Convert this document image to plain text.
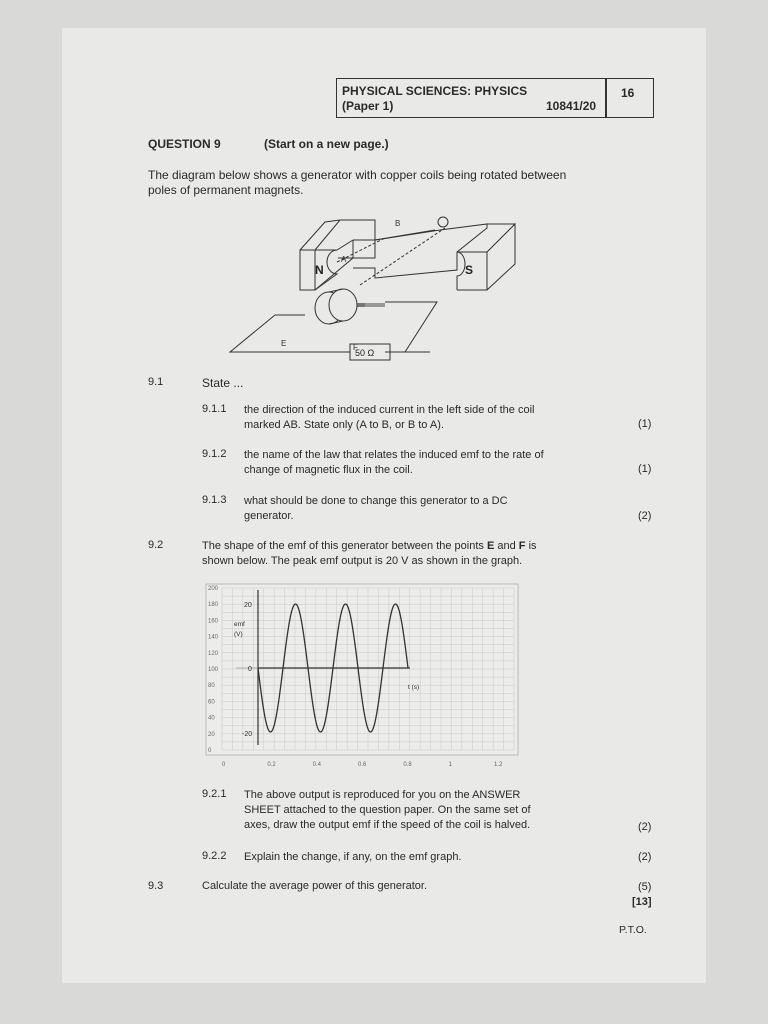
PHYSICAL SCIENCES: PHYSICS
(Paper 1)	10841/20
16
QUESTION 9	(Start on a new page.)
The diagram below shows a generator with copper coils being rotated between
poles of permanent magnets.
N	S
A
B
E	F
50 Ω
9.1	State ...
9.1.1 the direction of the induced current in the left side of the coil
marked AB. State only (A to B, or B to A).	(1)
9.1.2 the name of the law that relates the induced emf to the rate of
change of magnetic flux in the coil.	(1)
9.1.3 what should be done to change this generator to a DC
generator.	(2)
9.2	The shape of the emf of this generator between the points E and F is
shown below. The peak emf output is 20 V as shown in the graph.
0
20
40
60
80
100
120
140
160
180
200
0	0.2	0.4	0.6	0.8	1	1.2
20
0
-20
emf
(V)
t (s)
9.2.1 The above output is reproduced for you on the ANSWER
SHEET attached to the question paper. On the same set of
axes, draw the output emf if the speed of the coil is halved.	(2)
9.2.2 Explain the change, if any, on the emf graph.	(2)
9.3	Calculate the average power of this generator.	(5)
[13]
P.T.O.
